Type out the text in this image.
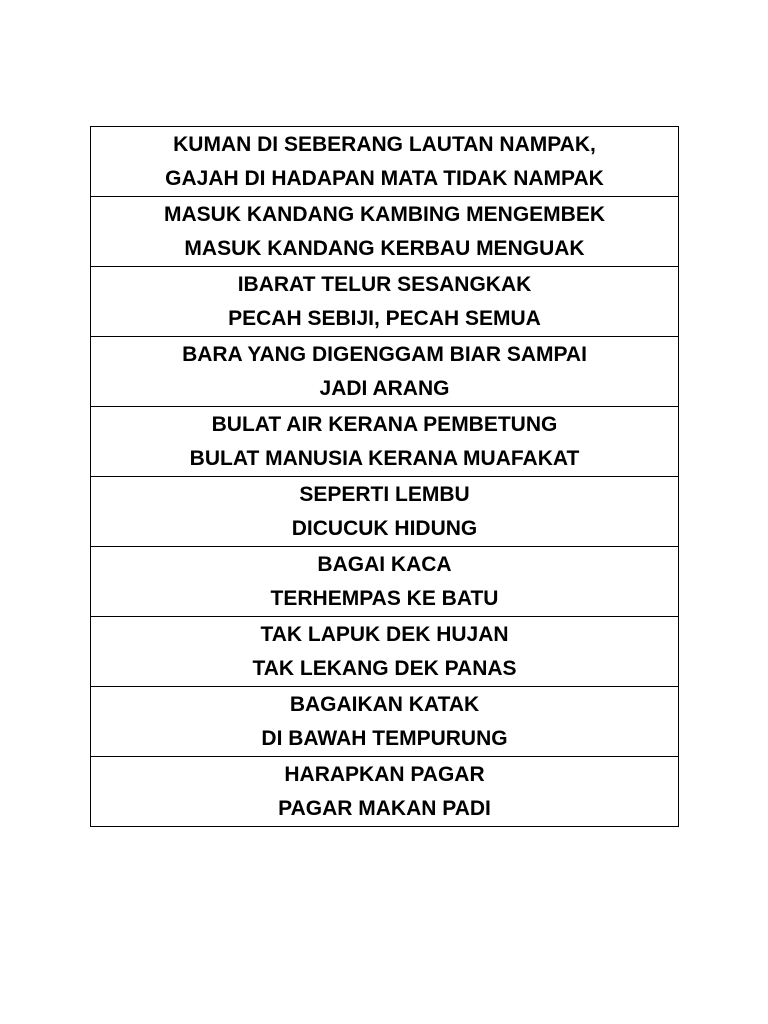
KUMAN DI SEBERANG LAUTAN NAMPAK,
GAJAH DI HADAPAN MATA TIDAK NAMPAK

MASUK KANDANG KAMBING MENGEMBEK
MASUK KANDANG KERBAU MENGUAK

IBARAT TELUR SESANGKAK
PECAH SEBIJI, PECAH SEMUA

BARA YANG DIGENGGAM BIAR SAMPAI
JADI ARANG

BULAT AIR KERANA PEMBETUNG
BULAT MANUSIA KERANA MUAFAKAT

SEPERTI LEMBU
DICUCUK HIDUNG

BAGAI KACA
TERHEMPAS KE BATU

TAK LAPUK DEK HUJAN
TAK LEKANG DEK PANAS

BAGAIKAN KATAK
DI BAWAH TEMPURUNG

HARAPKAN PAGAR
PAGAR MAKAN PADI
